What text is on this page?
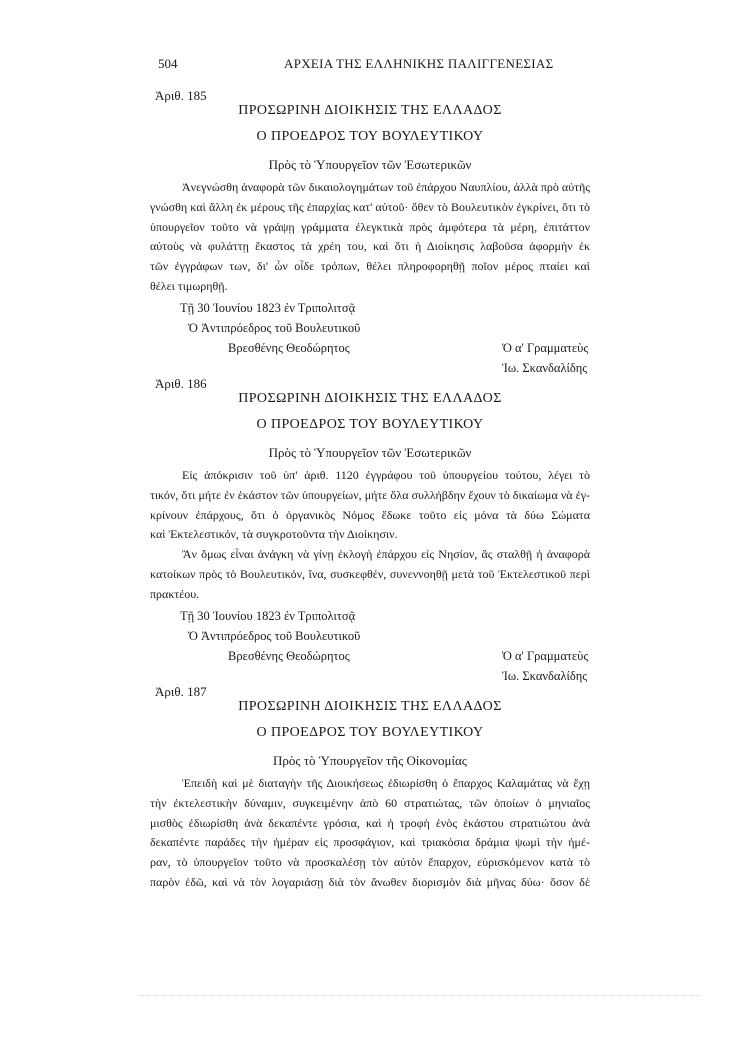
504	ΑΡΧΕΙΑ ΤΗΣ ΕΛΛΗΝΙΚΗΣ ΠΑΛΙΓΓΕΝΕΣΙΑΣ
Ἀριθ. 185
ΠΡΟΣΩΡΙΝΗ ΔΙΟΙΚΗΣΙΣ ΤΗΣ ΕΛΛΑΔΟΣ
Ο ΠΡΟΕΔΡΟΣ ΤΟΥ ΒΟΥΛΕΥΤΙΚΟΥ
Πρὸς τὸ Ὑπουργεῖον τῶν Ἐσωτερικῶν
Ἀνεγνώσθη ἀναφορὰ τῶν δικαιολογημάτων τοῦ ἐπάρχου Ναυπλίου, ἀλλὰ πρὸ αὐτῆς
γνώσθη καὶ ἄλλη ἐκ μέρους τῆς ἐπαρχίας κατ' αὐτοῦ· ὅθεν τὸ Βουλευτικὸν ἐγκρίνει, ὅτι τὸ
ὑπουργεῖον τοῦτο νὰ γράψῃ γράμματα ἐλεγκτικὰ πρὸς ἀμφότερα τὰ μέρη, ἐπιτάττον
αὐτοὺς νὰ φυλάττῃ ἕκαστος τὰ χρέη του, καὶ ὅτι ἡ Διοίκησις λαβοῦσα ἀφορμὴν ἐκ
τῶν ἐγγράφων των, δι' ὧν οἶδε τρόπων, θέλει πληροφορηθῇ ποῖον μέρος πταίει καὶ
θέλει τιμωρηθῇ.
Τῇ 30 Ἰουνίου 1823 ἐν Τριπολιτσᾷ
Ὁ Ἀντιπρόεδρος τοῦ Βουλευτικοῦ
Βρεσθένης Θεοδώρητος	Ὁ α' Γραμματεὺς
Ἰω. Σκανδαλίδης
Ἀριθ. 186
ΠΡΟΣΩΡΙΝΗ ΔΙΟΙΚΗΣΙΣ ΤΗΣ ΕΛΛΑΔΟΣ
Ο ΠΡΟΕΔΡΟΣ ΤΟΥ ΒΟΥΛΕΥΤΙΚΟΥ
Πρὸς τὸ Ὑπουργεῖον τῶν Ἐσωτερικῶν
Εἰς ἀπόκρισιν τοῦ ὑπ' ἀριθ. 1120 ἐγγράφου τοῦ ὑπουργείου τούτου, λέγει τὸ
τικόν, ὅτι μήτε ἐν ἑκάστον τῶν ὑπουργείων, μήτε ὅλα συλλήβδην ἔχουν τὸ δικαίωμα νὰ ἐγ-
κρίνουν ἐπάρχους, ὅτι ὁ ὀργανικὸς Νόμος ἔδωκε τοῦτο εἰς μόνα τὰ δύω Σώματα
καὶ Ἐκτελεστικόν, τὰ συγκροτοῦντα τὴν Διοίκησιν.
Ἂν ὅμως εἶναι ἀνάγκη νὰ γίνῃ ἐκλογὴ ἐπάρχου εἰς Νησίον, ἂς σταλθῇ ἡ ἀναφορὰ
κατοίκων πρὸς τὸ Βουλευτικόν, ἵνα, συσκεφθέν, συνεννοηθῇ μετὰ τοῦ Ἐκτελεστικοῦ περὶ
πρακτέου.
Τῇ 30 Ἰουνίου 1823 ἐν Τριπολιτσᾷ
Ὁ Ἀντιπρόεδρος τοῦ Βουλευτικοῦ
Βρεσθένης Θεοδώρητος	Ὁ α' Γραμματεὺς
Ἰω. Σκανδαλίδης
Ἀριθ. 187
ΠΡΟΣΩΡΙΝΗ ΔΙΟΙΚΗΣΙΣ ΤΗΣ ΕΛΛΑΔΟΣ
Ο ΠΡΟΕΔΡΟΣ ΤΟΥ ΒΟΥΛΕΥΤΙΚΟΥ
Πρὸς τὸ Ὑπουργεῖον τῆς Οἰκονομίας
Ἐπειδὴ καὶ μὲ διαταγὴν τῆς Διοικήσεως ἐδιωρίσθη ὁ ἔπαρχος Καλαμάτας νὰ ἔχῃ
τὴν ἐκτελεστικὴν δύναμιν, συγκειμένην ἀπὸ 60 στρατιώτας, τῶν ὁποίων ὁ μηνιαῖος
μισθὸς ἐδιωρίσθη ἀνὰ δεκαπέντε γρόσια, καὶ ἡ τροφὴ ἑνὸς ἑκάστου στρατιώτου ἀνὰ
δεκαπέντε παράδες τὴν ἡμέραν εἰς προσφάγιον, καὶ τριακόσια δράμια ψωμὶ τὴν ἡμέ-
ραν, τὸ ὑπουργεῖον τοῦτο νὰ προσκαλέσῃ τὸν αὐτὸν ἔπαρχον, εὑρισκόμενον κατὰ τὸ
παρὸν ἐδῶ, καὶ νὰ τὸν λογαριάσῃ διὰ τὸν ἄνωθεν διορισμὸν διὰ μῆνας δύω· ὅσον δὲ
